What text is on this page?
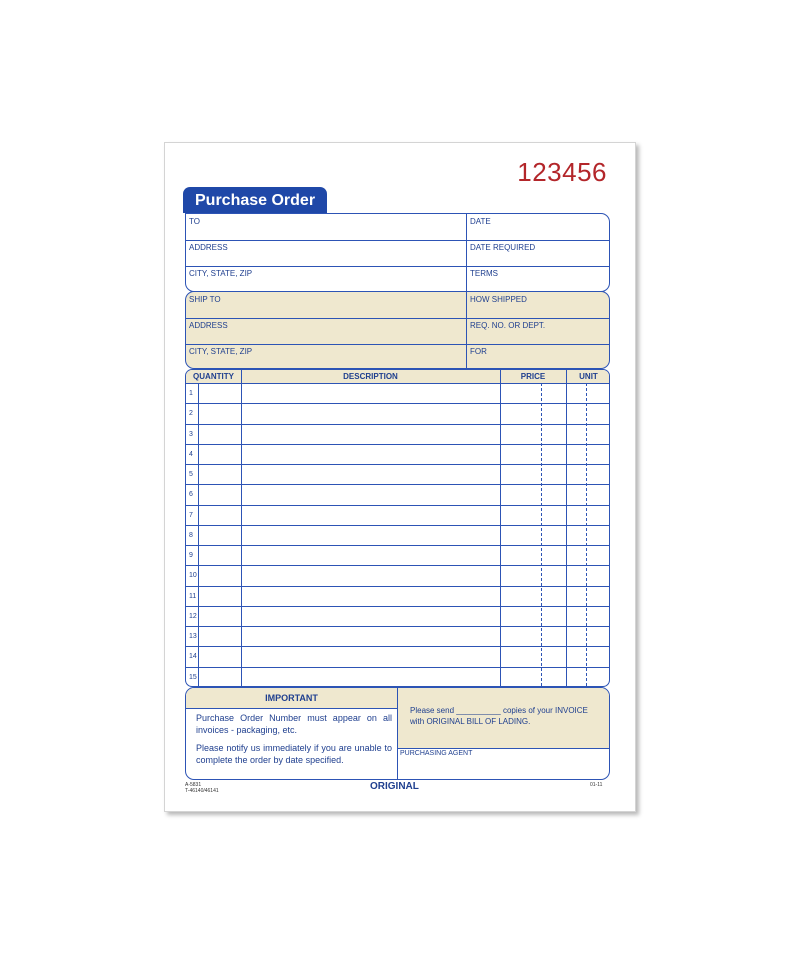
123456
Purchase Order
TO	DATE
ADDRESS	DATE REQUIRED
CITY, STATE, ZIP	TERMS
SHIP TO	HOW SHIPPED
ADDRESS	REQ. NO. OR DEPT.
CITY, STATE, ZIP	FOR
QUANTITY	DESCRIPTION	PRICE	UNIT
1
2
3
4
5
6
7
8
9
10
11
12
13
14
15
IMPORTANT
Purchase Order Number must appear on all invoices - packaging, etc.
Please notify us immediately if you are unable to complete the order by date specified.
Please send __________ copies of your INVOICE
with ORIGINAL BILL OF LADING.
PURCHASING AGENT
A-5831
T-46140/46141	ORIGINAL	01-11
